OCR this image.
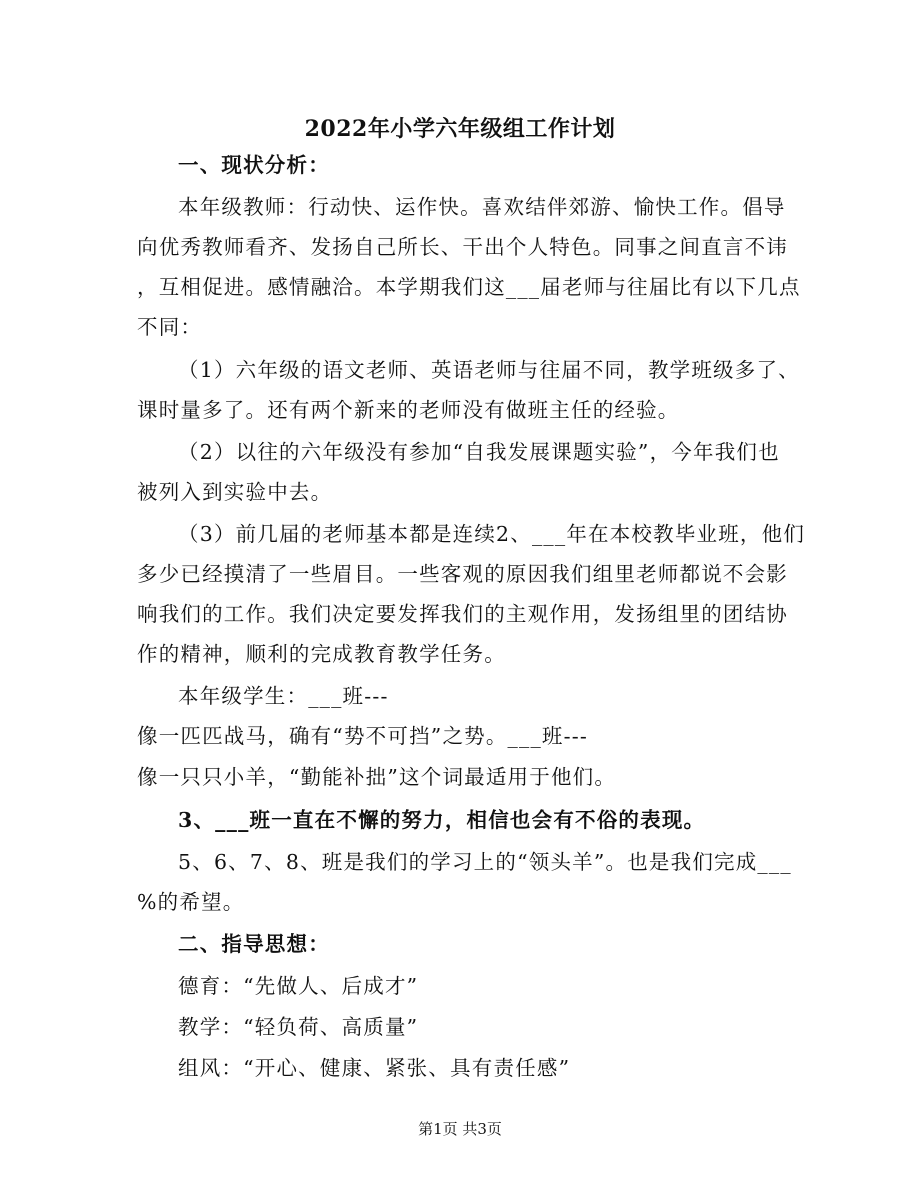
2022年小学六年级组工作计划
一、现状分析：
本年级教师：行动快、运作快。喜欢结伴郊游、愉快工作。倡导
向优秀教师看齐、发扬自己所长、干出个人特色。同事之间直言不讳
，互相促进。感情融洽。本学期我们这___届老师与往届比有以下几点
不同：
（1）六年级的语文老师、英语老师与往届不同，教学班级多了、
课时量多了。还有两个新来的老师没有做班主任的经验。
（2）以往的六年级没有参加“自我发展课题实验”，今年我们也
被列入到实验中去。
（3）前几届的老师基本都是连续2、___年在本校教毕业班，他们
多少已经摸清了一些眉目。一些客观的原因我们组里老师都说不会影
响我们的工作。我们决定要发挥我们的主观作用，发扬组里的团结协
作的精神，顺利的完成教育教学任务。
本年级学生：___班---
像一匹匹战马，确有“势不可挡”之势。___班---
像一只只小羊，“勤能补拙”这个词最适用于他们。
3、___班一直在不懈的努力，相信也会有不俗的表现。
5、6、7、8、班是我们的学习上的“领头羊”。也是我们完成___
%的希望。
二、指导思想：
德育：“先做人、后成才”
教学：“轻负荷、高质量”
组风：“开心、健康、紧张、具有责任感”
第1页 共3页
